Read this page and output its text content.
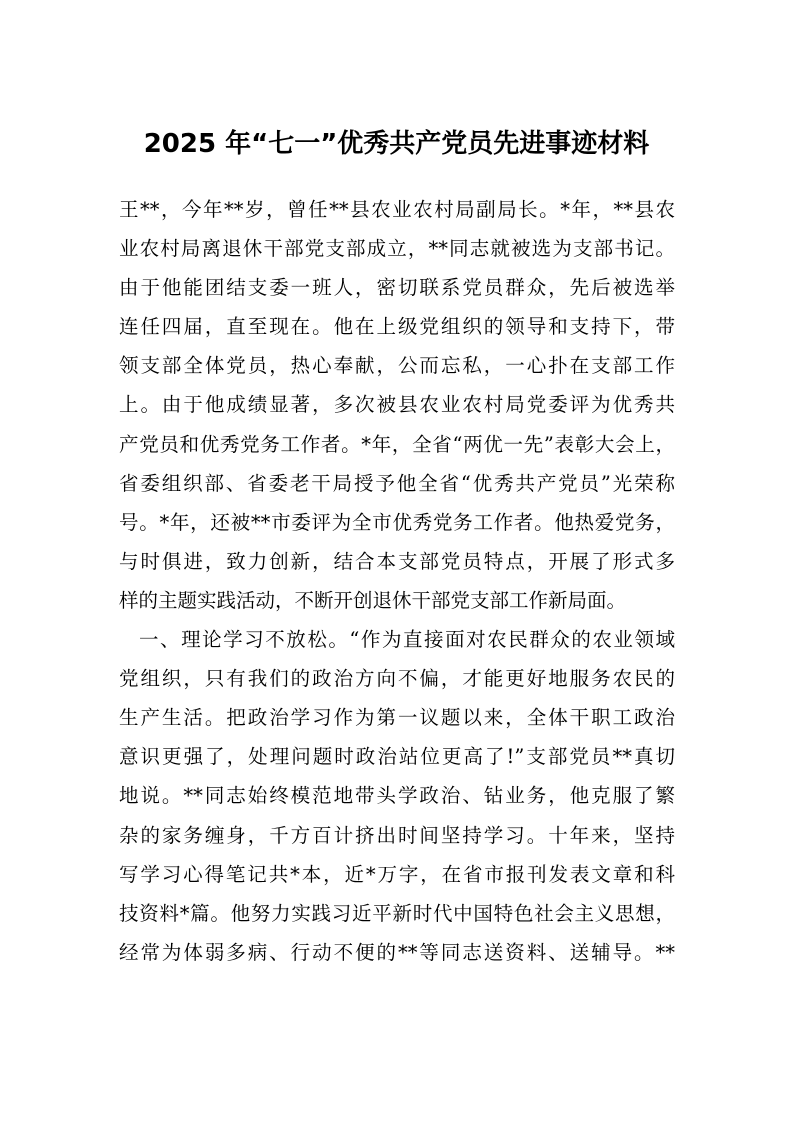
2025 年“七一”优秀共产党员先进事迹材料
王**，今年**岁，曾任**县农业农村局副局长。*年，**县农
业农村局离退休干部党支部成立，**同志就被选为支部书记。
由于他能团结支委一班人，密切联系党员群众，先后被选举
连任四届，直至现在。他在上级党组织的领导和支持下，带
领支部全体党员，热心奉献，公而忘私，一心扑在支部工作
上。由于他成绩显著，多次被县农业农村局党委评为优秀共
产党员和优秀党务工作者。*年，全省“两优一先”表彰大会上，
省委组织部、省委老干局授予他全省“优秀共产党员”光荣称
号。*年，还被**市委评为全市优秀党务工作者。他热爱党务，
与时俱进，致力创新，结合本支部党员特点，开展了形式多
样的主题实践活动，不断开创退休干部党支部工作新局面。
一、理论学习不放松。“作为直接面对农民群众的农业领域
党组织，只有我们的政治方向不偏，才能更好地服务农民的
生产生活。把政治学习作为第一议题以来，全体干职工政治
意识更强了，处理问题时政治站位更高了!”支部党员**真切
地说。**同志始终模范地带头学政治、钻业务，他克服了繁
杂的家务缠身，千方百计挤出时间坚持学习。十年来，坚持
写学习心得笔记共*本，近*万字，在省市报刊发表文章和科
技资料*篇。他努力实践习近平新时代中国特色社会主义思想，
经常为体弱多病、行动不便的**等同志送资料、送辅导。**
